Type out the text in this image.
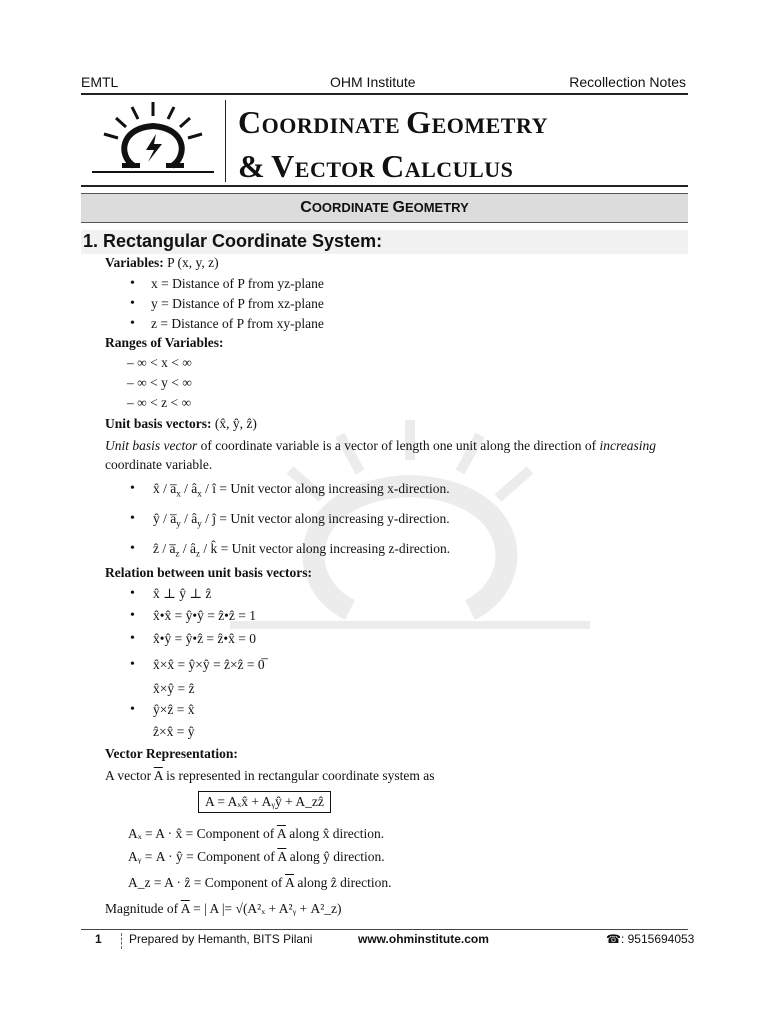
EMTL	OHM Institute	Recollection Notes
COORDINATE GEOMETRY
& VECTOR CALCULUS
COORDINATE GEOMETRY
1. Rectangular Coordinate System:
Variables: P (x, y, z)
• x = Distance of P from yz-plane
• y = Distance of P from xz-plane
• z = Distance of P from xy-plane
Ranges of Variables:
– ∞ < x < ∞
– ∞ < y < ∞
– ∞ < z < ∞
Unit basis vectors: (x̂, ŷ, ẑ)
Unit basis vector of coordinate variable is a vector of length one unit along the direction of increasing
coordinate variable.
• x̂ / $a̅_x$ / $â_x$ / î = Unit vector along increasing x-direction.
• ŷ / $a̅_y$ / $â_y$ / ĵ = Unit vector along increasing y-direction.
• ẑ / $a̅_z$ / $â_z$ / k̂ = Unit vector along increasing z-direction.
Relation between unit basis vectors:
• x̂ ⊥ ŷ ⊥ ẑ
• x̂•x̂ = ŷ•ŷ = ẑ•ẑ = 1
• x̂•ŷ = ŷ•ẑ = ẑ•x̂ = 0
• x̂×x̂ = ŷ×ŷ = ẑ×ẑ = 0̅
x̂×ŷ = ẑ
• ŷ×ẑ = x̂
ẑ×x̂ = ŷ
Vector Representation:
A vector $\overline{A}$ is represented in rectangular coordinate system as
A = Aₓx̂ + Aᵧŷ + A_zẑ
Aₓ = A · x̂ = Component of $\overline{A}$ along x̂ direction.
Aᵧ = A · ŷ = Component of $\overline{A}$ along ŷ direction.
A_z = A · ẑ = Component of $\overline{A}$ along ẑ direction.
Magnitude of $\overline{A}$ = | A |= √(A²ₓ + A²ᵧ + A²_z)
1 Prepared by Hemanth, BITS Pilani	www.ohminstitute.com	☎: 9515694053
